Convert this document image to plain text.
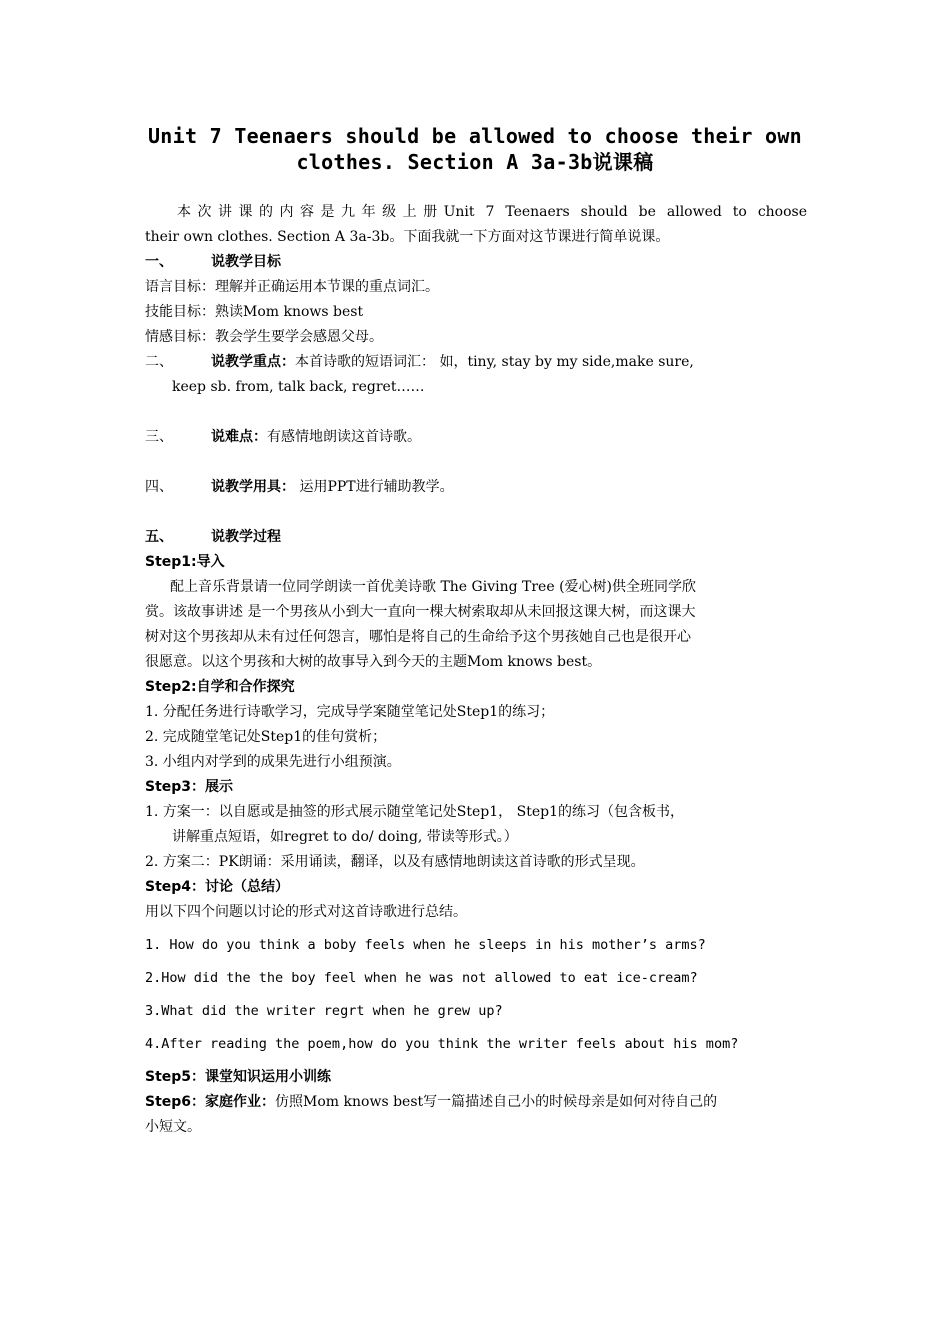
Unit 7 Teenaers should be allowed to choose their own
clothes. Section A 3a-3b说课稿
本次讲课的内容是九年级上册Unit 7 Teenaers should be allowed to choose
their own clothes. Section A 3a-3b。下面我就一下方面对这节课进行简单说课。
一、	说教学目标
语言目标：理解并正确运用本节课的重点词汇。
技能目标：熟读Mom knows best
情感目标：教会学生要学会感恩父母。
二、	说教学重点：本首诗歌的短语词汇： 如，tiny, stay by my side,make sure,
keep sb. from, talk back, regret……
三、	说难点：有感情地朗读这首诗歌。
四、	说教学用具： 运用PPT进行辅助教学。
五、	说教学过程
Step1:导入
配上音乐背景请一位同学朗读一首优美诗歌 The Giving Tree (爱心树)供全班同学欣
赏。该故事讲述 是一个男孩从小到大一直向一棵大树索取却从未回报这课大树，而这课大
树对这个男孩却从未有过任何怨言，哪怕是将自己的生命给予这个男孩她自己也是很开心
很愿意。以这个男孩和大树的故事导入到今天的主题Mom knows best。
Step2:自学和合作探究
1. 分配任务进行诗歌学习，完成导学案随堂笔记处Step1的练习；
2. 完成随堂笔记处Step1的佳句赏析；
3. 小组内对学到的成果先进行小组预演。
Step3：展示
1. 方案一：以自愿或是抽签的形式展示随堂笔记处Step1， Step1的练习（包含板书，
讲解重点短语，如regret to do/ doing, 带读等形式。）
2. 方案二：PK朗诵：采用诵读，翻译，以及有感情地朗读这首诗歌的形式呈现。
Step4：讨论（总结）
用以下四个问题以讨论的形式对这首诗歌进行总结。
1. How do you think a boby feels when he sleeps in his mother’s arms?
2.How did the the boy feel when he was not allowed to eat ice-cream?
3.What did the writer regrt when he grew up?
4.After reading the poem,how do you think the writer feels about his mom?
Step5：课堂知识运用小训练
Step6：家庭作业：仿照Mom knows best写一篇描述自己小的时候母亲是如何对待自己的
小短文。
